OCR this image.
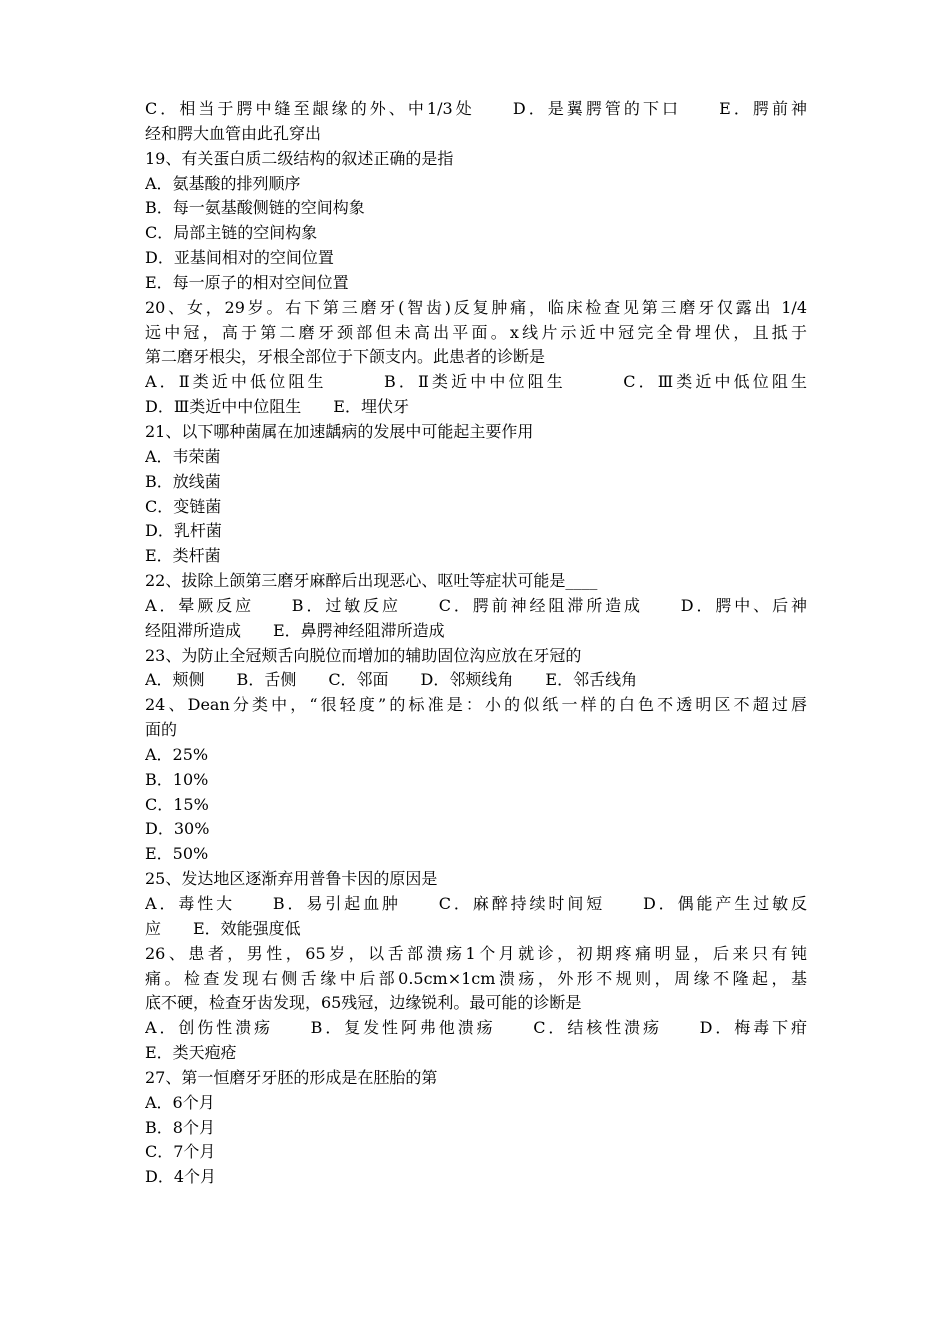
C．相当于腭中缝至龈缘的外、中1/3处　　D．是翼腭管的下口　　E．腭前神
经和腭大血管由此孔穿出
19、有关蛋白质二级结构的叙述正确的是指
A．氨基酸的排列顺序
B．每一氨基酸侧链的空间构象
C．局部主链的空间构象
D．亚基间相对的空间位置
E．每一原子的相对空间位置
20、女，29岁。右下第三磨牙(智齿)反复肿痛，临床检查见第三磨牙仅露出 1/4
远中冠，高于第二磨牙颈部但未高出平面。x线片示近中冠完全骨埋伏，且抵于
第二磨牙根尖，牙根全部位于下颌支内。此患者的诊断是
A．Ⅱ类近中低位阻生　　　B．Ⅱ类近中中位阻生　　　C．Ⅲ类近中低位阻生
D．Ⅲ类近中中位阻生　　E．埋伏牙
21、以下哪种菌属在加速龋病的发展中可能起主要作用
A．韦荣菌
B．放线菌
C．变链菌
D．乳杆菌
E．类杆菌
22、拔除上颌第三磨牙麻醉后出现恶心、呕吐等症状可能是____
A．晕厥反应　　B．过敏反应　　C．腭前神经阻滞所造成　　D．腭中、后神
经阻滞所造成　　E．鼻腭神经阻滞所造成
23、为防止全冠颊舌向脱位而增加的辅助固位沟应放在牙冠的
A．颊侧　　B．舌侧　　C．邻面　　D．邻颊线角　　E．邻舌线角
24、Dean分类中，“很轻度”的标准是：小的似纸一样的白色不透明区不超过唇
面的
A．25%
B．10%
C．15%
D．30%
E．50%
25、发达地区逐渐弃用普鲁卡因的原因是
A．毒性大　　B．易引起血肿　　C．麻醉持续时间短　　D．偶能产生过敏反
应　　E．效能强度低
26、患者，男性，65岁，以舌部溃疡1个月就诊，初期疼痛明显，后来只有钝
痛。检查发现右侧舌缘中后部0.5cm×1cm溃疡，外形不规则，周缘不隆起，基
底不硬，检查牙齿发现，65残冠，边缘锐利。最可能的诊断是
A．创伤性溃疡　　B．复发性阿弗他溃疡　　C．结核性溃疡　　D．梅毒下疳
E．类天疱疮
27、第一恒磨牙牙胚的形成是在胚胎的第
A．6个月
B．8个月
C．7个月
D．4个月
